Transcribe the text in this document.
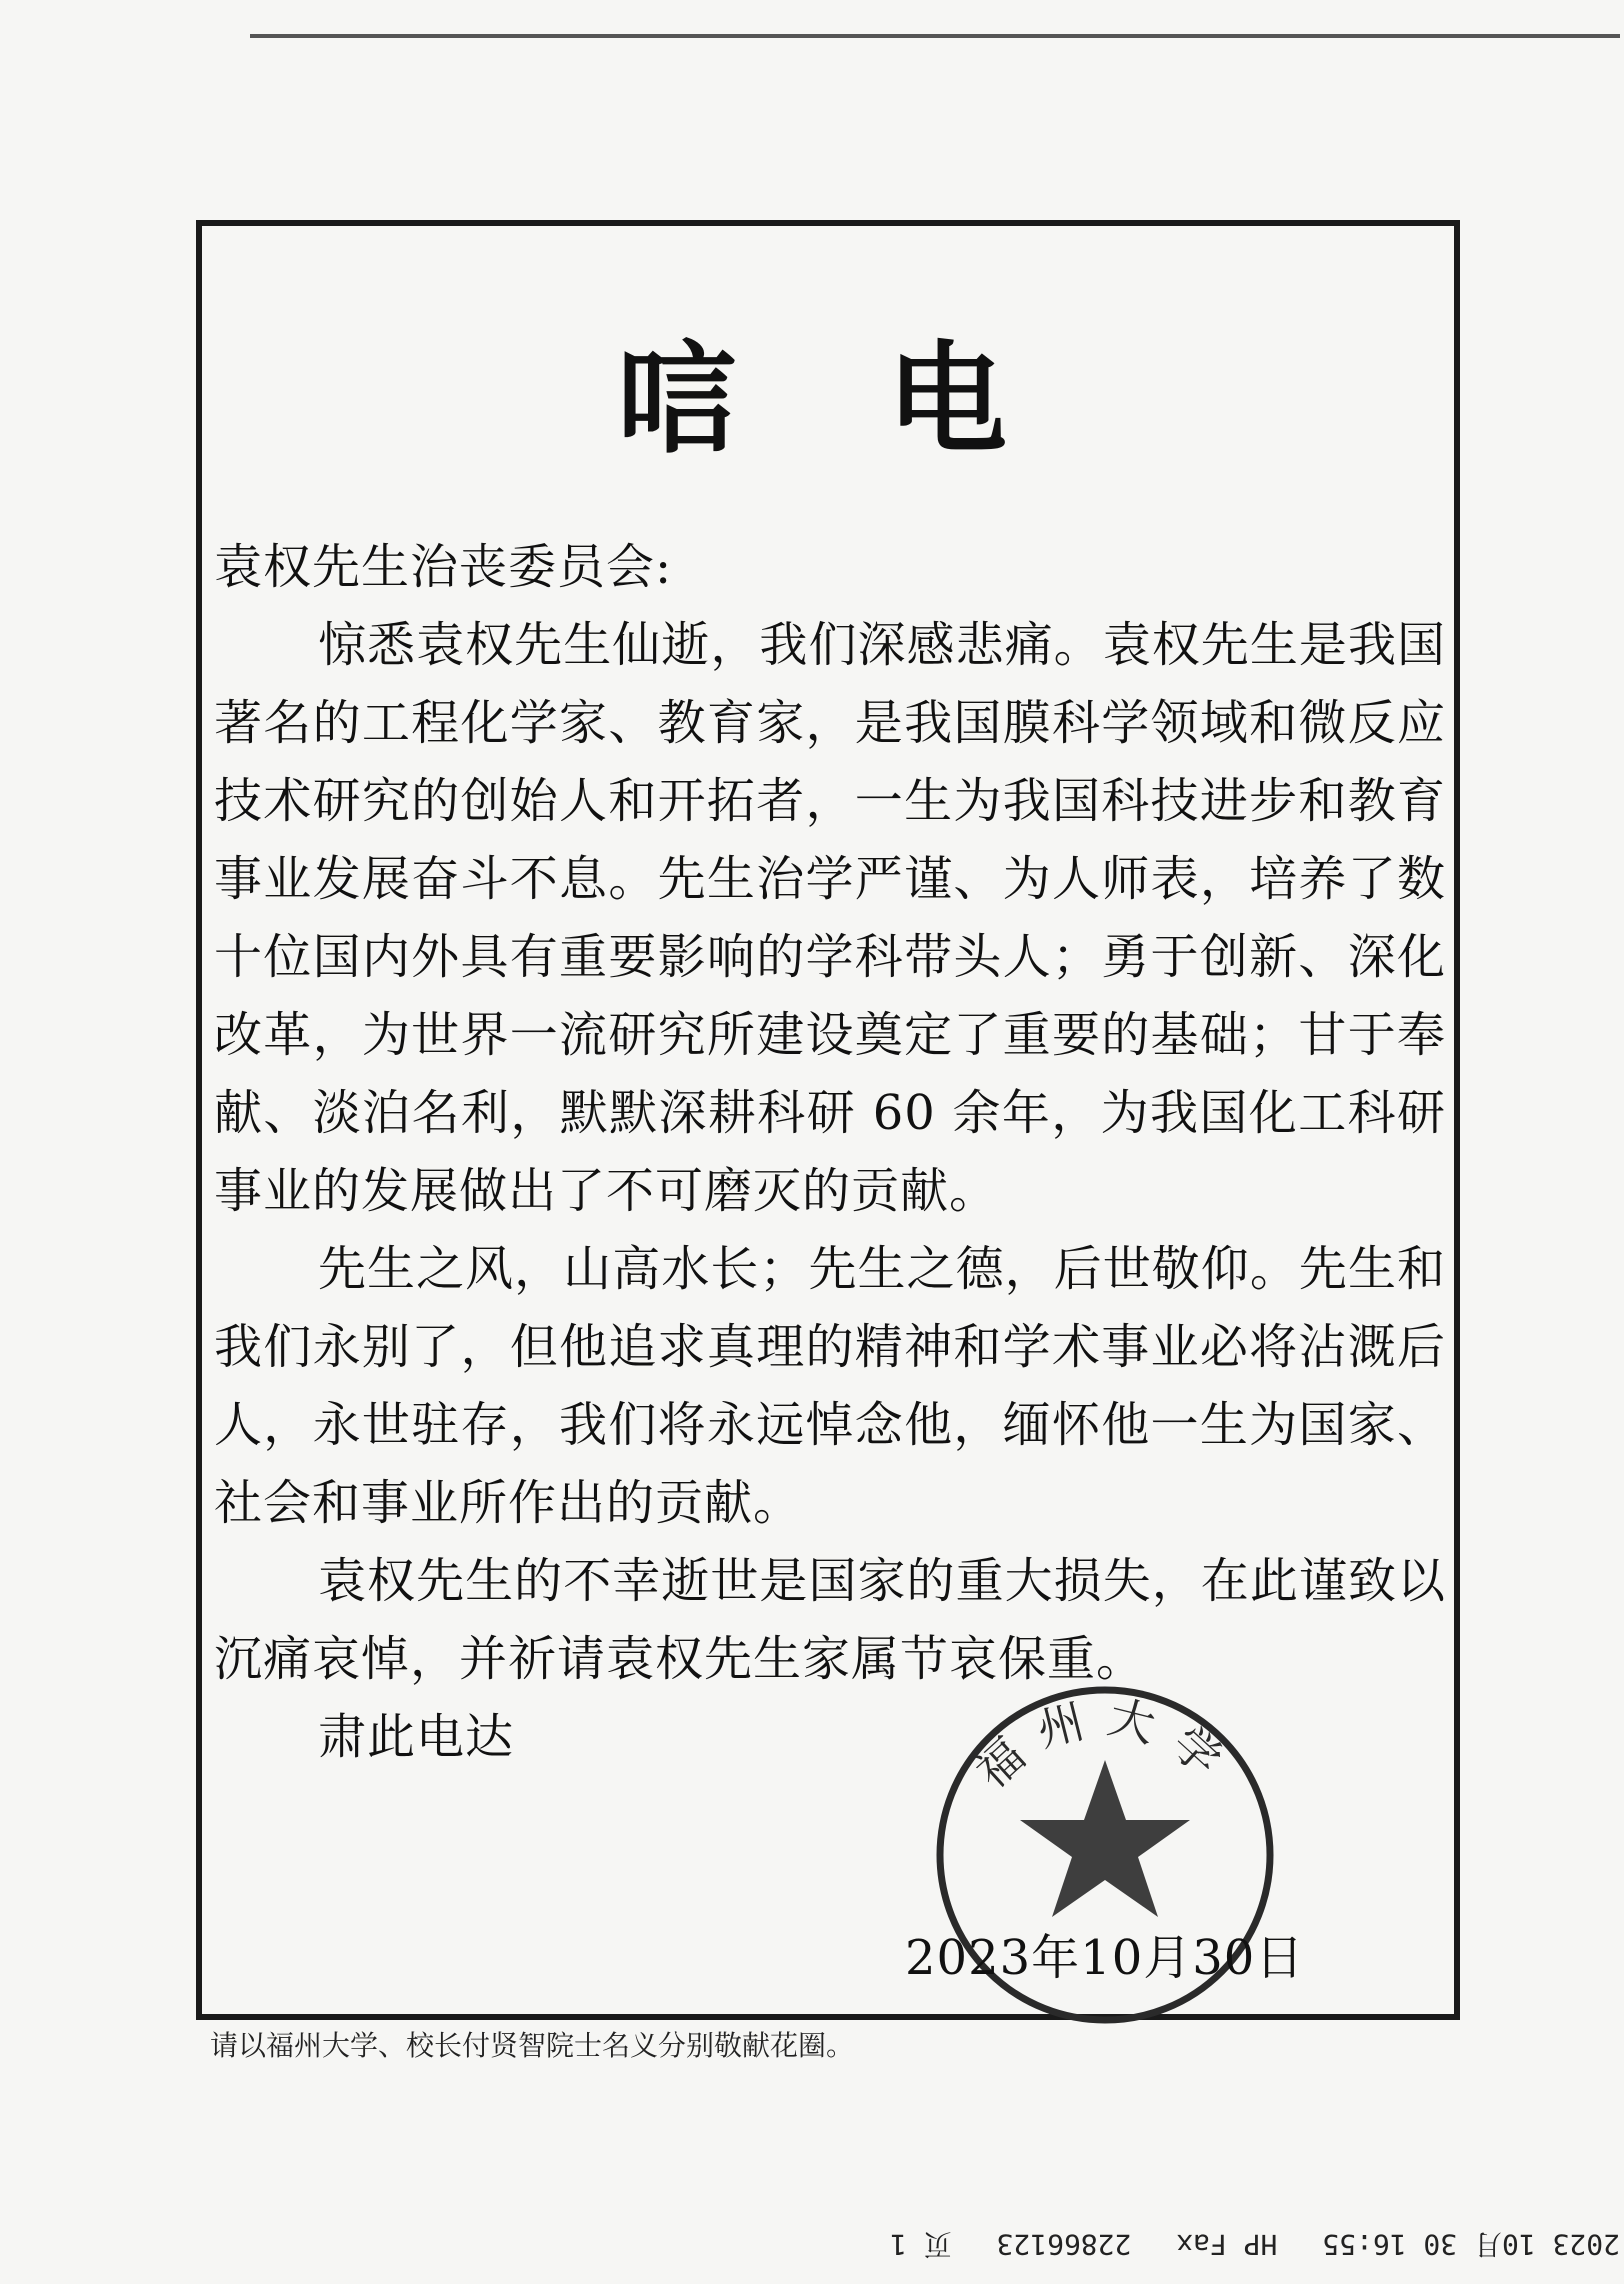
唁电

袁权先生治丧委员会:

惊悉袁权先生仙逝，我们深感悲痛。袁权先生是我国著名的工程化学家、教育家，是我国膜科学领域和微反应技术研究的创始人和开拓者，一生为我国科技进步和教育事业发展奋斗不息。先生治学严谨、为人师表，培养了数十位国内外具有重要影响的学科带头人；勇于创新、深化改革，为世界一流研究所建设奠定了重要的基础；甘于奉献、淡泊名利，默默深耕科研 60 余年，为我国化工科研事业的发展做出了不可磨灭的贡献。

先生之风，山高水长；先生之德，后世敬仰。先生和我们永别了，但他追求真理的精神和学术事业必将沾溉后人，永世驻存，我们将永远悼念他，缅怀他一生为国家、社会和事业所作出的贡献。

袁权先生的不幸逝世是国家的重大损失，在此谨致以沉痛哀悼，并祈请袁权先生家属节哀保重。

肃此电达	福州大学
2023年10月30日
请以福州大学、校长付贤智院士名义分别敬献花圈。
2023 10月 30 16:55 HP Fax 22866123 页 1
